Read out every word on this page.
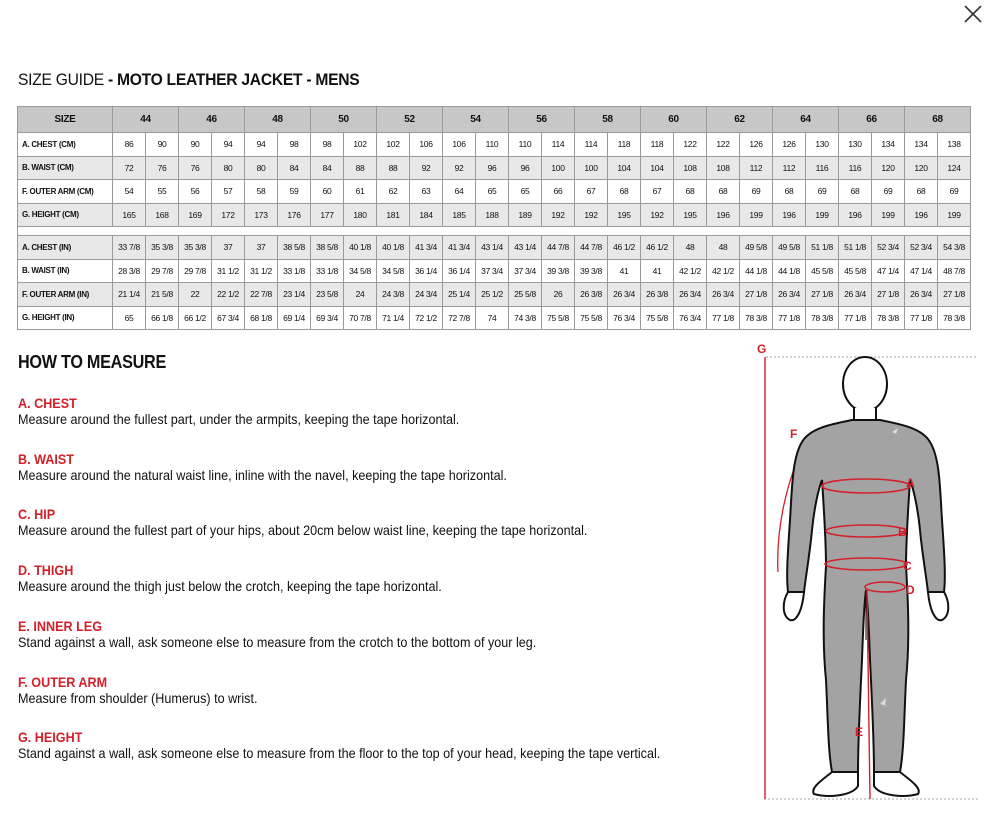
SIZE GUIDE - MOTO LEATHER JACKET - MENS
SIZE	44		46		48		50		52		54		56		58		60		62		64		66		68	
A. CHEST (CM)	86	90	90	94	94	98	98	102	102	106	106	110	110	114	114	118	118	122	122	126	126	130	130	134	134	138
B. WAIST (CM)	72	76	76	80	80	84	84	88	88	92	92	96	96	100	100	104	104	108	108	112	112	116	116	120	120	124
F. OUTER ARM (CM)	54	55	56	57	58	59	60	61	62	63	64	65	65	66	67	68	67	68	68	69	68	69	68	69	68	69
G. HEIGHT (CM)	165	168	169	172	173	176	177	180	181	184	185	188	189	192	192	195	192	195	196	199	196	199	196	199	196	199

A. CHEST (IN)	33 7/8	35 3/8	35 3/8	37	37	38 5/8	38 5/8	40 1/8	40 1/8	41 3/4	41 3/4	43 1/4	43 1/4	44 7/8	44 7/8	46 1/2	46 1/2	48	48	49 5/8	49 5/8	51 1/8	51 1/8	52 3/4	52 3/4	54 3/8
B. WAIST (IN)	28 3/8	29 7/8	29 7/8	31 1/2	31 1/2	33 1/8	33 1/8	34 5/8	34 5/8	36 1/4	36 1/4	37 3/4	37 3/4	39 3/8	39 3/8	41	41	42 1/2	42 1/2	44 1/8	44 1/8	45 5/8	45 5/8	47 1/4	47 1/4	48 7/8
F. OUTER ARM (IN)	21 1/4	21 5/8	22	22 1/2	22 7/8	23 1/4	23 5/8	24	24 3/8	24 3/4	25 1/4	25 1/2	25 5/8	26	26 3/8	26 3/4	26 3/8	26 3/4	26 3/4	27 1/8	26 3/4	27 1/8	26 3/4	27 1/8	26 3/4	27 1/8
G. HEIGHT (IN)	65	66 1/8	66 1/2	67 3/4	68 1/8	69 1/4	69 3/4	70 7/8	71 1/4	72 1/2	72 7/8	74	74 3/8	75 5/8	75 5/8	76 3/4	75 5/8	76 3/4	77 1/8	78 3/8	77 1/8	78 3/8	77 1/8	78 3/8	77 1/8	78 3/8
HOW TO MEASURE

A. CHEST

Measure around the fullest part, under the armpits, keeping the tape horizontal.

B. WAIST

Measure around the natural waist line, inline with the navel, keeping the tape horizontal.

C. HIP

Measure around the fullest part of your hips, about 20cm below waist line, keeping the tape horizontal.

D. THIGH

Measure around the thigh just below the crotch, keeping the tape horizontal.

E. INNER LEG

Stand against a wall, ask someone else to measure from the crotch to the bottom of your leg.

F. OUTER ARM

Measure from shoulder (Humerus) to wrist.

G. HEIGHT

Stand against a wall, ask someone else to measure from the floor to the top of your head, keeping the tape vertical.

G
F
A
B
C
D
E
